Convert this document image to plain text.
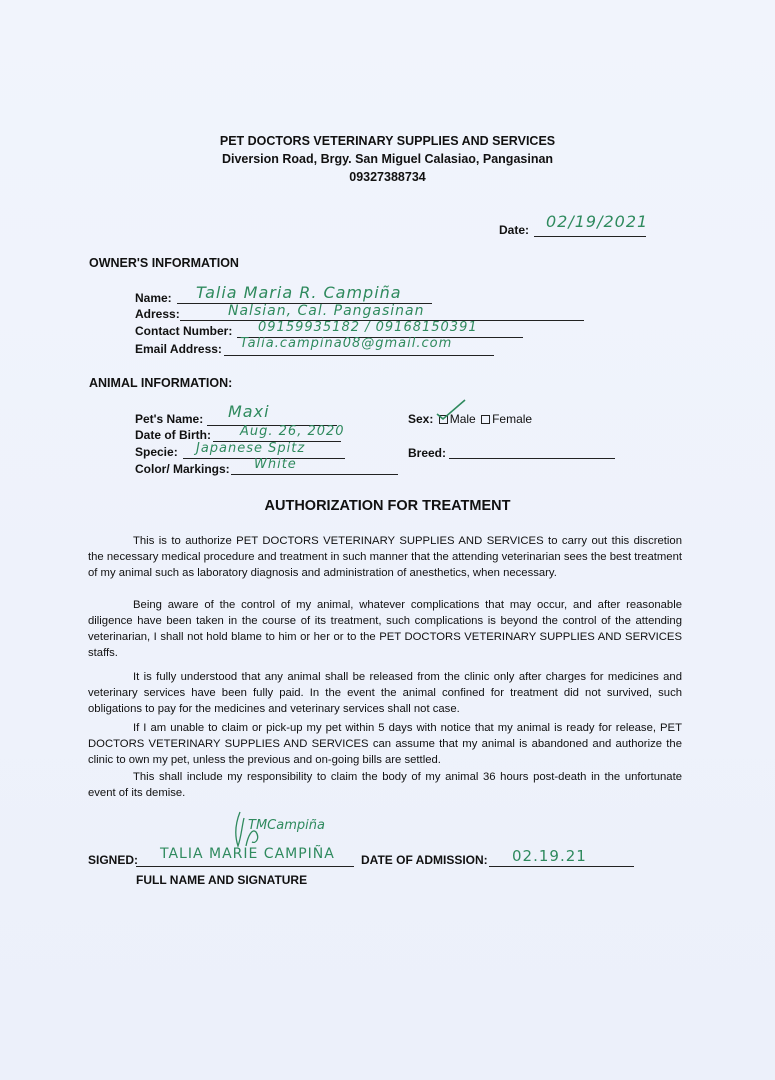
PET DOCTORS VETERINARY SUPPLIES AND SERVICES
Diversion Road, Brgy. San Miguel Calasiao, Pangasinan
09327388734
Date: 02/19/2021
OWNER'S INFORMATION
Name: Talia Maria R. Campiña
Adress:	Nalsian, Cal. Pangasinan
Contact Number: 09159935182 / 09168150391
Email Address: Talia.campina08@gmail.com
ANIMAL INFORMATION:
Pet's Name: Maxi
Date of Birth: Aug. 26, 2020
Specie: Japanese Spitz
Color/ Markings: White
Sex: Male Female
Breed:
AUTHORIZATION FOR TREATMENT

This is to authorize PET DOCTORS VETERINARY SUPPLIES AND SERVICES to carry out this discretion the necessary medical procedure and treatment in such manner that the attending veterinarian sees the best treatment of my animal such as laboratory diagnosis and administration of anesthetics, when necessary.

Being aware of the control of my animal, whatever complications that may occur, and after reasonable diligence have been taken in the course of its treatment, such complications is beyond the control of the attending veterinarian, I shall not hold blame to him or her or to the PET DOCTORS VETERINARY SUPPLIES AND SERVICES staffs.

It is fully understood that any animal shall be released from the clinic only after charges for medicines and veterinary services have been fully paid. In the event the animal confined for treatment did not survived, such obligations to pay for the medicines and veterinary services shall not case.

If I am unable to claim or pick-up my pet within 5 days with notice that my animal is ready for release, PET DOCTORS VETERINARY SUPPLIES AND SERVICES can assume that my animal is abandoned and authorize the clinic to own my pet, unless the previous and on-going bills are settled.

This shall include my responsibility to claim the body of my animal 36 hours post-death in the unfortunate event of its demise.

TMCampiña
SIGNED: TALIA MARIE CAMPIÑA
FULL NAME AND SIGNATURE
DATE OF ADMISSION: 02.19.21
